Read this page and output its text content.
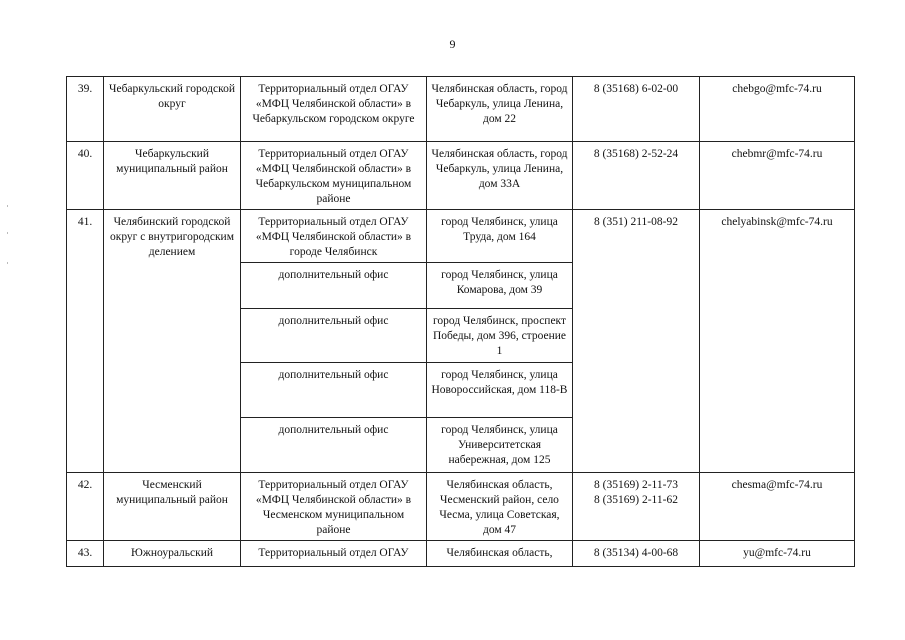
9
39.	Чебаркульский городской округ	Территориальный отдел ОГАУ «МФЦ Челябинской области» в Чебаркульском городском округе	Челябинская область, город Чебаркуль, улица Ленина, дом 22	8 (35168) 6-02-00	chebgo@mfc-74.ru
40.	Чебаркульский муниципальный район	Территориальный отдел ОГАУ «МФЦ Челябинской области» в Чебаркульском муниципальном районе	Челябинская область, город Чебаркуль, улица Ленина, дом 33А	8 (35168) 2-52-24	chebmr@mfc-74.ru
41.	Челябинский городской округ с внутригородским делением	Территориальный отдел ОГАУ «МФЦ Челябинской области» в городе Челябинск	город Челябинск, улица Труда, дом 164	8 (351) 211-08-92	chelyabinsk@mfc-74.ru
		дополнительный офис	город Челябинск, улица Комарова, дом 39		
		дополнительный офис	город Челябинск, проспект Победы, дом 396, строение 1		
		дополнительный офис	город Челябинск, улица Новороссийская, дом 118-В		
		дополнительный офис	город Челябинск, улица Университетская набережная, дом 125		
42.	Чесменский муниципальный район	Территориальный отдел ОГАУ «МФЦ Челябинской области» в Чесменском муниципальном районе	Челябинская область, Чесменский район, село Чесма, улица Советская, дом 47	8 (35169) 2-11-73
8 (35169) 2-11-62	chesma@mfc-74.ru
43.	Южноуральский	Территориальный отдел ОГАУ	Челябинская область,	8 (35134) 4-00-68	yu@mfc-74.ru
